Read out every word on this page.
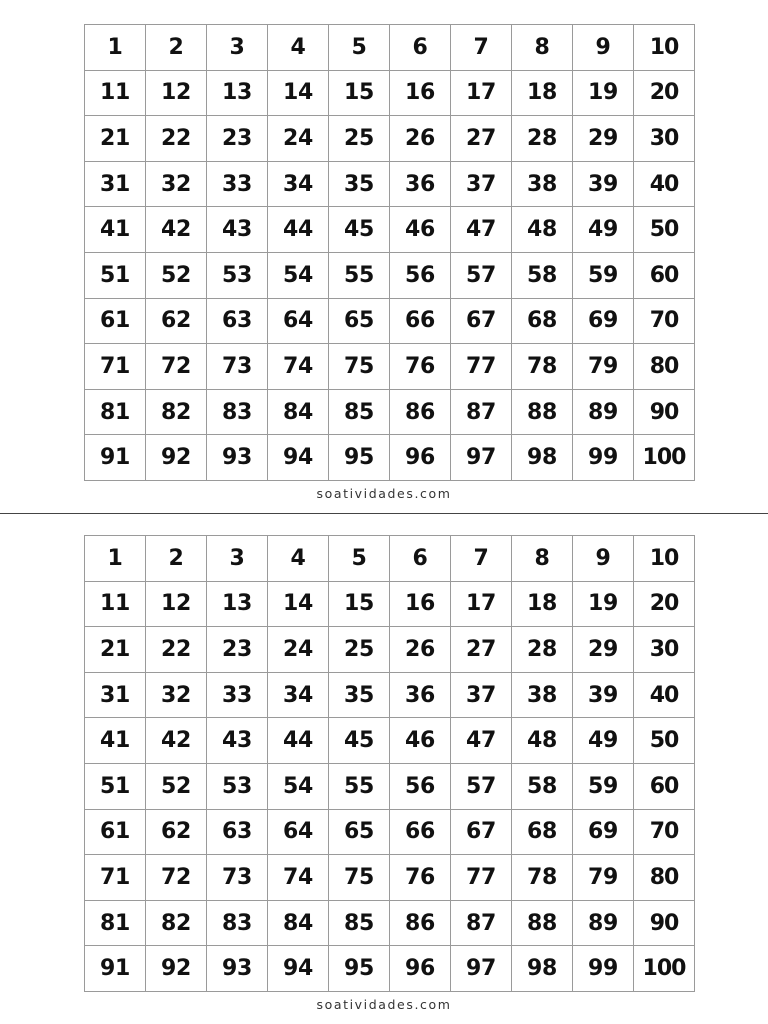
1	2	3	4	5	6	7	8	9	10
11	12	13	14	15	16	17	18	19	20
21	22	23	24	25	26	27	28	29	30
31	32	33	34	35	36	37	38	39	40
41	42	43	44	45	46	47	48	49	50
51	52	53	54	55	56	57	58	59	60
61	62	63	64	65	66	67	68	69	70
71	72	73	74	75	76	77	78	79	80
81	82	83	84	85	86	87	88	89	90
91	92	93	94	95	96	97	98	99	100
soatividades.com
1	2	3	4	5	6	7	8	9	10
11	12	13	14	15	16	17	18	19	20
21	22	23	24	25	26	27	28	29	30
31	32	33	34	35	36	37	38	39	40
41	42	43	44	45	46	47	48	49	50
51	52	53	54	55	56	57	58	59	60
61	62	63	64	65	66	67	68	69	70
71	72	73	74	75	76	77	78	79	80
81	82	83	84	85	86	87	88	89	90
91	92	93	94	95	96	97	98	99	100
soatividades.com
